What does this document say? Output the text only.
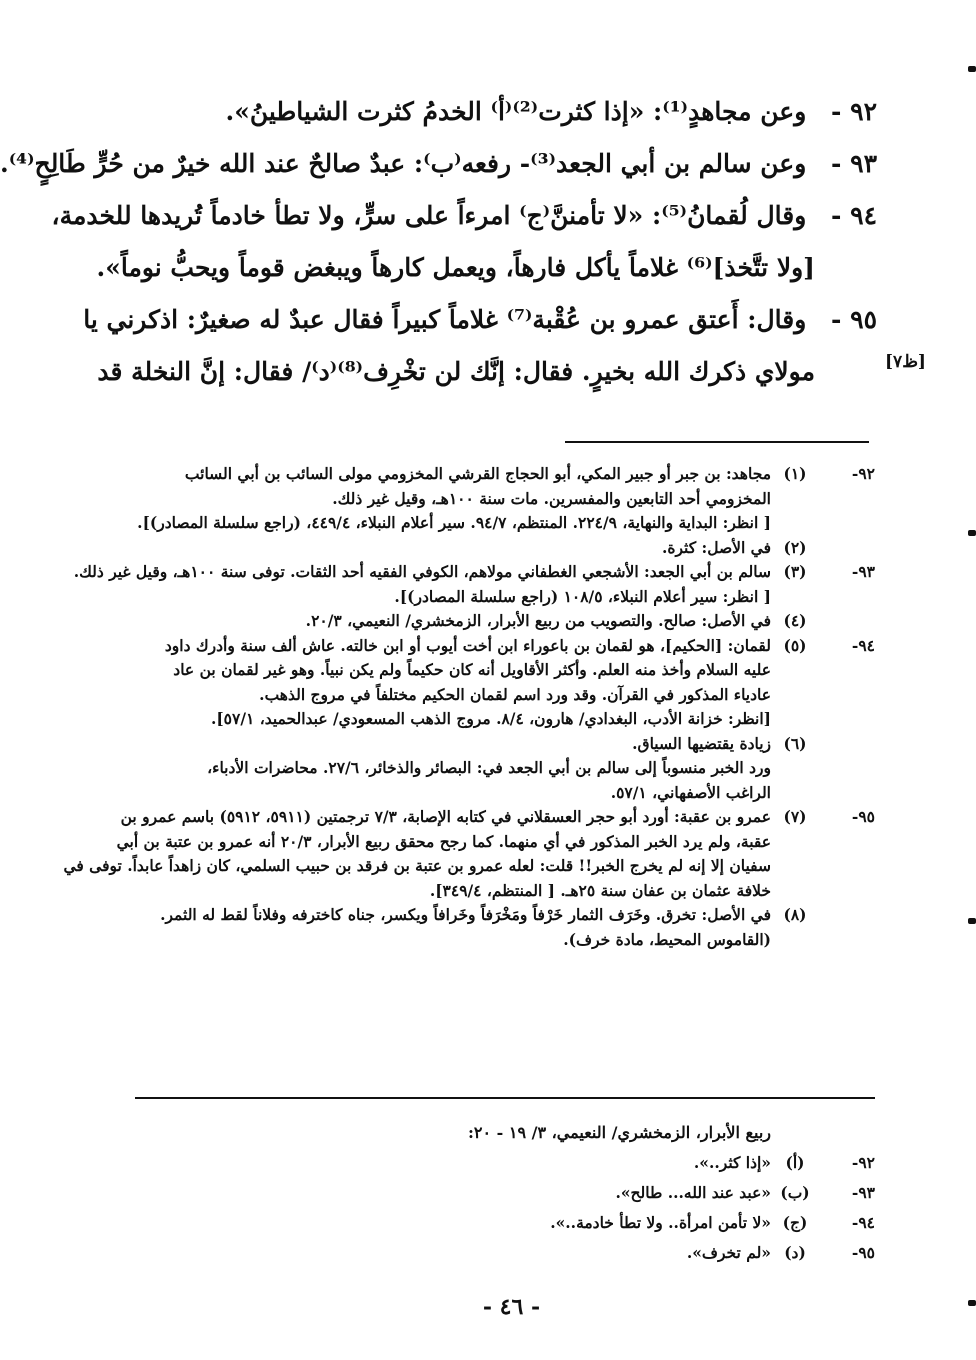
٩٢ - وعن مجاهدٍ⁽¹⁾: «إذا كثرت⁽²⁾⁽أ⁾ الخدمُ كثرت الشياطينُ».
٩٣ - وعن سالم بن أبي الجعد⁽³⁾- رفعه⁽ب⁾: عبدٌ صالحٌ عند الله خيرٌ من حُرٍّ طَالِحٍ⁽⁴⁾.
٩٤ - وقال لُقمانُ⁽⁵⁾: «لا تأمننَّ⁽ج⁾ امرءاً على سرٍّ، ولا تطأ خادماً تُريدها للخدمة،
[ولا تتَّخذ]⁽⁶⁾ غلاماً يأكل فارهاً، ويعمل كارهاً ويبغض قوماً ويحبُّ نوماً».
٩٥ - وقال: أَعتق عمرو بن عُقْبة⁽⁷⁾ غلاماً كبيراً فقال عبدٌ له صغيرٌ: اذكرني يا
مولاي ذكرك الله بخيرٍ. فقال: إنَّك لن تخْرِف⁽⁸⁾⁽د⁾/ فقال: إنَّ النخلة قد	[ظ٧]
٩٢-
(١)
مجاهد: بن جبر أو جبير المكي، أبو الحجاج القرشي المخزومي مولى السائب بن أبي السائب
المخزومي أحد التابعين والمفسرين. مات سنة ١٠٠هـ، وقيل غير ذلك.
[ انظر: البداية والنهاية، ٢٢٤/٩. المنتظم، ٩٤/٧. سير أعلام النبلاء، ٤٤٩/٤، (راجع سلسلة المصادر)].
(٢)
في الأصل: كثرة.
٩٣-
(٣)
سالم بن أبي الجعد: الأشجعي الغطفاني مولاهم، الكوفي الفقيه أحد الثقات. توفى سنة ١٠٠هـ، وقيل غير ذلك.
[ انظر: سير أعلام النبلاء، ١٠٨/٥ (راجع سلسلة المصادر)].
(٤)
في الأصل: صالح. والتصويب من ربيع الأبرار، الزمخشري/ النعيمي، ٢٠/٣.
٩٤-
(٥)
لقمان: [الحكيم]، هو لقمان بن باعوراء ابن أخت أيوب أو ابن خالته. عاش ألف سنة وأدرك داود
عليه السلام وأخذ منه العلم. وأكثر الأقاويل أنه كان حكيماً ولم يكن نبياً. وهو غير لقمان بن عاد
عادياء المذكور في القرآن. وقد ورد اسم لقمان الحكيم مختلفاً في مروج الذهب.
[انظر: خزانة الأدب، البغدادي/ هارون، ٨/٤. مروج الذهب المسعودي/ عبدالحميد، ٥٧/١].
(٦)
زيادة يقتضيها السياق.
ورد الخبر منسوباً إلى سالم بن أبي الجعد في: البصائر والذخائر، ٢٧/٦. محاضرات الأدباء،
الراغب الأصفهاني، ٥٧/١.
٩٥-
(٧)
عمرو بن عقبة: أورد أبو حجر العسقلاني في كتابه الإصابة، ٧/٣ ترجمتين (٥٩١١، ٥٩١٢) باسم عمرو بن
عقبة، ولم يرد الخبر المذكور في أي منهما. كما رجح محقق ربيع الأبرار، ٢٠/٣ أنه عمرو بن عتبة بن أبي
سفيان إلا إنه لم يخرج الخبر!! قلت: لعله عمرو بن عتبة بن فرقد بن حبيب السلمي، كان زاهداً عابداً. توفى في
خلافة عثمان بن عفان سنة ٢٥هـ. [ المنتظم، ٣٤٩/٤].
(٨)
في الأصل: تخرق. وخَرَف الثمار خَرْفاً ومَخْرَفاً وخَرافاً ويكسر، جناه كاخترفه وفلاناً لقط له الثمر.
(القاموس المحيط، مادة خرف).
ربيع الأبرار، الزمخشري/ النعيمي، ٣/ ١٩ - ٢٠:
٩٢-
(أ)
«إذا كثر..».
٩٣-
(ب)
«عبد عند الله... طالح».
٩٤-
(ج)
«لا تأمن امرأة.. ولا تطأ خادمة..».
٩٥-
(د)
«لم تخرف».
- ٤٦ -
